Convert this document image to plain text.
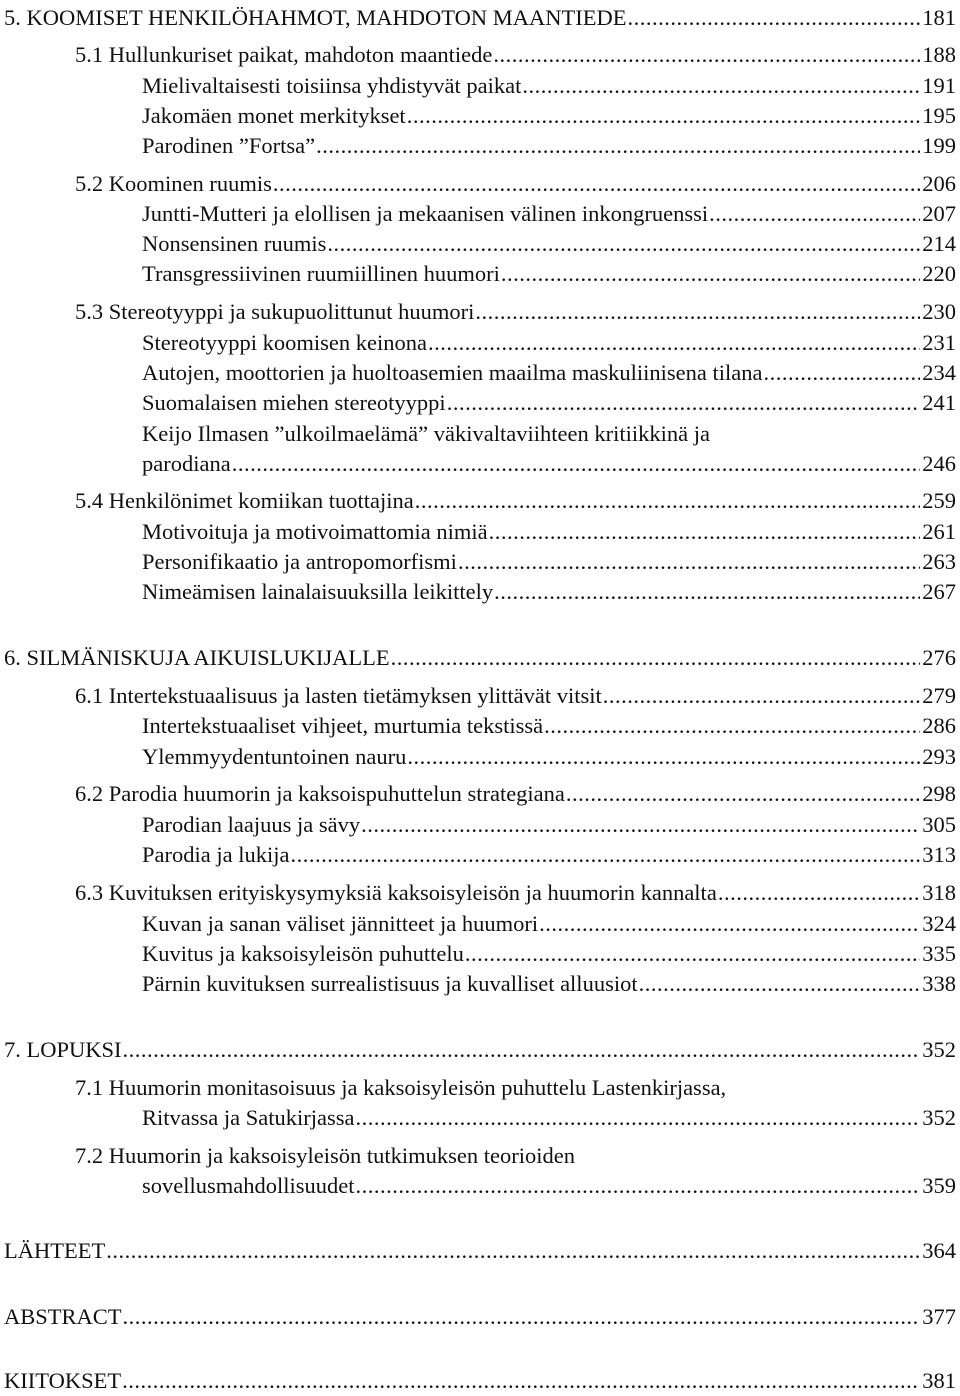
5. KOOMISET HENKILÖHAHMOT, MAHDOTON MAANTIEDE .....	181
5.1 Hullunkuriset paikat, mahdoton maantiede .....	188
Mielivaltaisesti toisiinsa yhdistyvät paikat .....	191
Jakomäen monet merkitykset .....	195
Parodinen ”Fortsa” .....	199
5.2 Koominen ruumis .....	206
Juntti-Mutteri ja elollisen ja mekaanisen välinen inkongruenssi .....	207
Nonsensinen ruumis .....	214
Transgressiivinen ruumiillinen huumori .....	220
5.3 Stereotyyppi ja sukupuolittunut huumori .....	230
Stereotyyppi koomisen keinona .....	231
Autojen, moottorien ja huoltoasemien maailma maskuliinisena tilana .....	234
Suomalaisen miehen stereotyyppi .....	241
Keijo Ilmasen ”ulkoilmaelämä” väkivaltaviihteen kritiikkinä ja
parodiana .....	246
5.4 Henkilönimet komiikan tuottajina .....	259
Motivoituja ja motivoimattomia nimiä .....	261
Personifikaatio ja antropomorfismi .....	263
Nimeämisen lainalaisuuksilla leikittely .....	267
6. SILMÄNISKUJA AIKUISLUKIJALLE .....	276
6.1 Intertekstuaalisuus ja lasten tietämyksen ylittävät vitsit .....	279
Intertekstuaaliset vihjeet, murtumia tekstissä .....	286
Ylemmyydentuntoinen nauru .....	293
6.2 Parodia huumorin ja kaksoispuhuttelun strategiana .....	298
Parodian laajuus ja sävy .....	305
Parodia ja lukija .....	313
6.3 Kuvituksen erityiskysymyksiä kaksoisyleisön ja huumorin kannalta .....	318
Kuvan ja sanan väliset jännitteet ja huumori .....	324
Kuvitus ja kaksoisyleisön puhuttelu .....	335
Pärnin kuvituksen surrealistisuus ja kuvalliset alluusiot .....	338
7. LOPUKSI .....	352
7.1 Huumorin monitasoisuus ja kaksoisyleisön puhuttelu Lastenkirjassa,
Ritvassa ja Satukirjassa .....	352
7.2 Huumorin ja kaksoisyleisön tutkimuksen teorioiden
sovellusmahdollisuudet .....	359
LÄHTEET .....	364
ABSTRACT .....	377
KIITOKSET .....	381
